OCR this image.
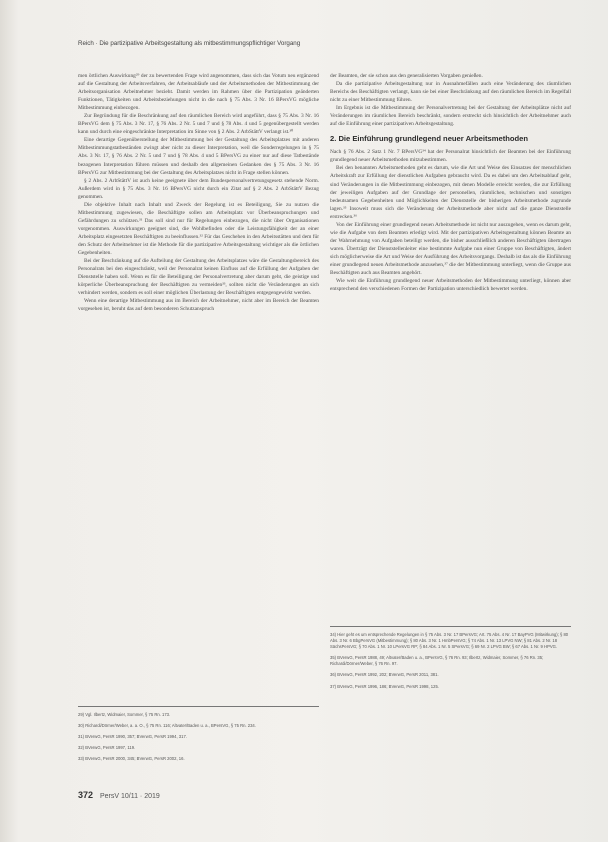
Reich · Die partizipative Arbeitsgestaltung als mitbestimmungspflichtiger Vorgang

men örtlichen Auswirkung²⁹ der zu bewertenden Frage wird angenommen, dass sich das Votum neu ergänzend auf die Gestaltung der Arbeitsverfahren, der Arbeitsabläufe und der Arbeitsmethoden der Mitbestimmung der Arbeitsorganisation Arbeitnehmer bezieht. Damit werden im Rahmen über die Partizipation geänderten Funktionen, Tätigkeiten und Arbeitsbeziehungen nicht in die nach § 75 Abs. 3 Nr. 16 BPersVG mögliche Mitbestimmung einbezogen.

Zur Begründung für die Beschränkung auf den räumlichen Bereich wird angeführt, dass § 75 Abs. 3 Nr. 16 BPersVG dem § 75 Abs. 3 Nr. 17, § 76 Abs. 2 Nr. 5 und 7 und § 78 Abs. 4 und 5 gegenübergestellt werden kann und durch eine eingeschränkte Interpretation im Sinne von § 2 Abs. 2 ArbStättV verlangt ist.³⁰

Eine derartige Gegenüberstellung der Mitbestimmung bei der Gestaltung des Arbeitsplatzes mit anderen Mitbestimmungstatbeständen zwingt aber nicht zu dieser Interpretation, weil die Sonderregelungen in § 75 Abs. 3 Nr. 17, § 76 Abs. 2 Nr. 5 und 7 und § 78 Abs. 4 und 5 BPersVG zu einer nur auf diese Tatbestände bezogenen Interpretation führen müssen und deshalb den allgemeinen Gedanken des § 75 Abs. 3 Nr. 16 BPersVG zur Mitbestimmung bei der Gestaltung des Arbeitsplatzes nicht in Frage stellen können.

§ 2 Abs. 2 ArbStättV ist auch keine geeignete über dem Bundespersonalvertretungsgesetz stehende Norm. Außerdem wird in § 75 Abs. 3 Nr. 16 BPersVG nicht durch ein Zitat auf § 2 Abs. 2 ArbStättV Bezug genommen.

Die objektive Inhalt nach Inhalt und Zweck der Regelung ist es Beteiligung, Sie zu nutzen die Mitbestimmung zugewiesen, die Beschäftigte sollen am Arbeitsplatz vor Überbeanspruchungen und Gefährdungen zu schützen.³¹ Das soll sind nur für Regelungen einbezogen, die nicht über Organisationen vorgenommen. Auswirkungen geeignet sind, die Wohlbefinden oder die Leistungsfähigkeit der an einer Arbeitsplatz eingesetzten Beschäftigten zu beeinflussen.³² Für das Geschehen in den Arbeitsstätten und dem für den Schutz der Arbeitnehmer ist die Methode für die partizipative Arbeitsgestaltung wichtiger als die örtlichen Gegebenheiten.

Bei der Beschränkung auf die Aufteilung der Gestaltung des Arbeitsplatzes wäre die Gestaltungsbereich des Personalrats bei den eingeschränkt, weil der Personalrat keinen Einfluss auf die Erfüllung der Aufgaben der Dienststelle haben soll. Wenn es für die Beteiligung der Personalvertretung aber darum geht, die geistige und körperliche Überbeanspruchung der Beschäftigten zu vermeiden³³, sollten nicht die Veränderungen an sich verhindert werden, sondern es soll einer möglichen Überlastung der Beschäftigten entgegengewirkt werden.

Wenn eine derartige Mitbestimmung aus im Bereich der Arbeitnehmer, nicht aber im Bereich der Beamten vorgesehen ist, beruht das auf dem besonderen Schutzanspruch

der Beamten, der sie schon aus den generalisierten Vorgaben genießen.

Da die partizipative Arbeitsgestaltung nur in Ausnahmefällen auch eine Veränderung des räumlichen Bereichs des Beschäftigten verlangt, kann sie bei einer Beschränkung auf den räumlichen Bereich im Regelfall nicht zu einer Mitbestimmung führen.

Im Ergebnis ist die Mitbestimmung der Personalvertretung bei der Gestaltung der Arbeitsplätze nicht auf Veränderungen im räumlichen Bereich beschränkt, sondern erstreckt sich hinsichtlich der Arbeitnehmer auch auf die Einführung einer partizipativen Arbeitsgestaltung.

2. Die Einführung grundlegend neuer Arbeitsmethoden

Nach § 76 Abs. 2 Satz 1 Nr. 7 BPersVG³⁴ hat der Personalrat hinsichtlich der Beamten bei der Einführung grundlegend neuer Arbeitsmethoden mitzubestimmen.

Bei den benannten Arbeitsmethoden geht es darum, wie die Art und Weise des Einsatzes der menschlichen Arbeitskraft zur Erfüllung der dienstlichen Aufgaben gebraucht wird. Da es dabei um den Arbeitsablauf geht, sind Veränderungen in die Mitbestimmung einbezogen, mit denen Modelle erreicht werden, die zur Erfüllung der jeweiligen Aufgaben auf der Grundlage der personellen, räumlichen, technischen und sonstigen bedeutsamen Gegebenheiten und Möglichkeiten der Dienststelle der bisherigen Arbeitsmethode zugrunde lagen.³⁵ Insoweit muss sich die Veränderung der Arbeitsmethode aber nicht auf die ganze Dienststelle erstrecken.³⁶

Von der Einführung einer grundlegend neuen Arbeitsmethode ist nicht nur auszugehen, wenn es darum geht, wie die Aufgabe von dem Beamten erledigt wird. Mit der partizipativen Arbeitsgestaltung können Beamte an der Wahrnehmung von Aufgaben beteiligt werden, die bisher ausschließlich anderen Beschäftigten übertragen waren. Überträgt der Dienststellenleiter eine bestimmte Aufgabe nun einer Gruppe von Beschäftigten, ändert sich möglicherweise die Art und Weise der Ausführung des Arbeitsvorgangs. Deshalb ist das als die Einführung einer grundlegend neuen Arbeitsmethode anzusehen,³⁷ die der Mitbestimmung unterliegt, wenn die Gruppe aus Beschäftigten auch aus Beamten angehört.

Wie weit die Einführung grundlegend neuer Arbeitsmethoden der Mitbestimmung unterliegt, können aber entsprechend den verschiedenen Formen der Partizipation unterschiedlich bewertet werden.

29) Vgl. Ilbertz, Widmaier, Sommer, § 75 Rn. 173.
30) Richardi/Dörner/Weber, a. a. O., § 75 Rn. 116; Altvater/Baden u. a., BPersVG, § 75 Rn. 234.
31) BVerwG, PersR 1990, 357; BVerwG, PersR 1994, 317.
32) BVerwG, PersR 1997, 119.
33) BVerwG, PersR 2000, 345; BVerwG, PersR 2002, 16.
34) Hier geht es um entsprechende Regelungen in § 75 Abs. 3 Nr. 17 BPersVG; Art. 75 Abs. 4 Nr. 17 BayPVG (Mitwirkung); § 80 Abs. 3 Nr. 6 BbgPersVG (Mitbestimmung); § 80 Abs. 3 Nr. 1 HmbPersVG; § 74 Abs. 1 Nr. 13 LPVG NW; § 81 Abs. 2 Nr. 18 SächsPersVG; § 70 Abs. 1 Nr. 10 LPersVG RP; § 84 Abs. 1 Nr. 5 SPersVG; § 69 Nr. 2 LPVG BW; § 67 Abs. 1 Nr. 9 HPVG.
35) BVerwG, PersR 1988, 49; Altvater/Baden u. a., BPersVG, § 76 Rn. 93; Ilbertz, Widmaier, Sommer, § 76 Rn. 35; Richardi/Dörner/Weber, § 76 Rn. 97.
36) BVerwG, PersR 1992, 202; BVerwG, PersR 2011, 381.
37) BVerwG, PersR 1996, 186; BVerwG, PersR 1998, 125.
372 PersV 10/11 · 2019
